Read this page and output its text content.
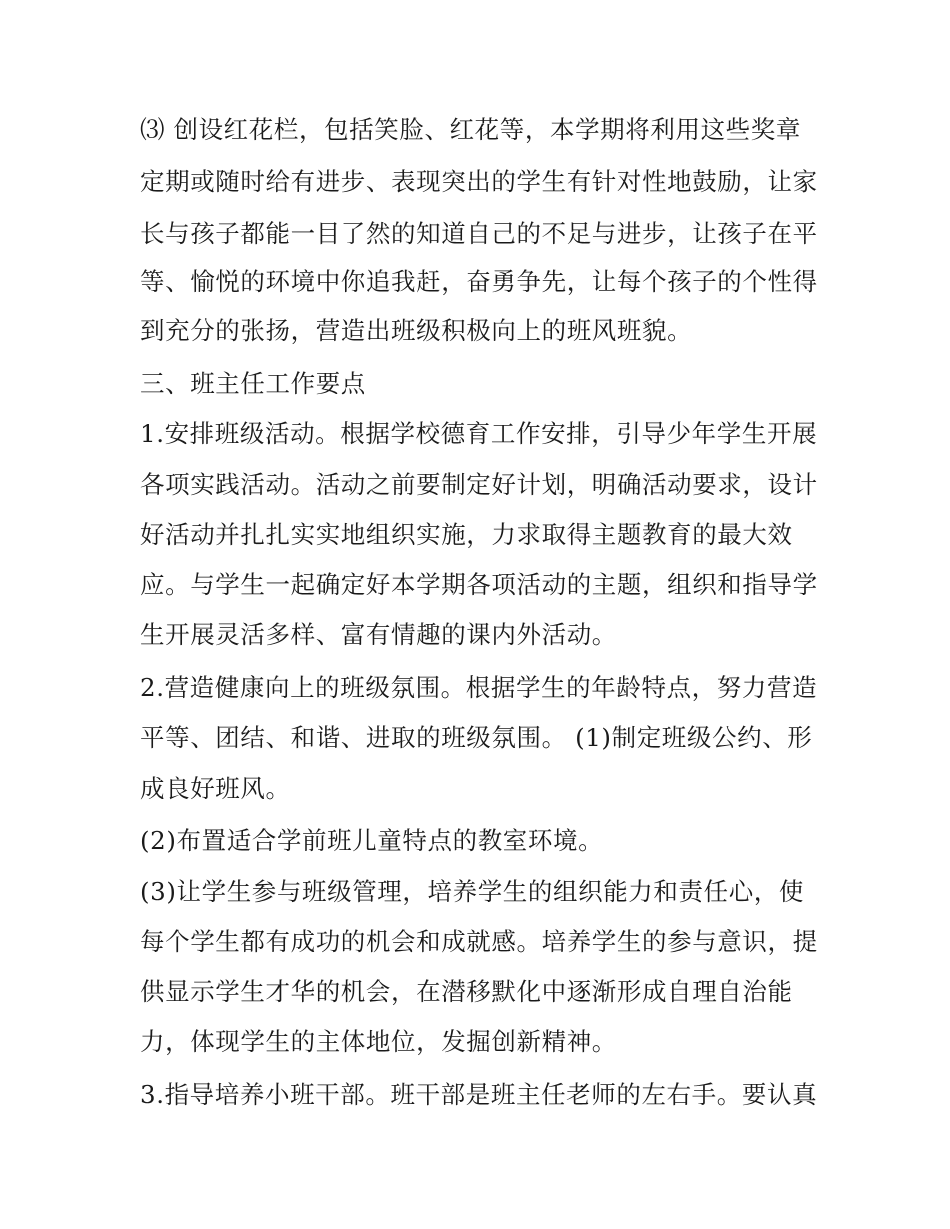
⑶ 创设红花栏，包括笑脸、红花等，本学期将利用这些奖章
定期或随时给有进步、表现突出的学生有针对性地鼓励，让家
长与孩子都能一目了然的知道自己的不足与进步，让孩子在平
等、愉悦的环境中你追我赶，奋勇争先，让每个孩子的个性得
到充分的张扬，营造出班级积极向上的班风班貌。
三、班主任工作要点
1.安排班级活动。根据学校德育工作安排，引导少年学生开展
各项实践活动。活动之前要制定好计划，明确活动要求，设计
好活动并扎扎实实地组织实施，力求取得主题教育的最大效
应。与学生一起确定好本学期各项活动的主题，组织和指导学
生开展灵活多样、富有情趣的课内外活动。
2.营造健康向上的班级氛围。根据学生的年龄特点，努力营造
平等、团结、和谐、进取的班级氛围。 (1)制定班级公约、形
成良好班风。
(2)布置适合学前班儿童特点的教室环境。
(3)让学生参与班级管理，培养学生的组织能力和责任心，使
每个学生都有成功的机会和成就感。培养学生的参与意识，提
供显示学生才华的机会，在潜移默化中逐渐形成自理自治能
力，体现学生的主体地位，发掘创新精神。
3.指导培养小班干部。班干部是班主任老师的左右手。要认真
